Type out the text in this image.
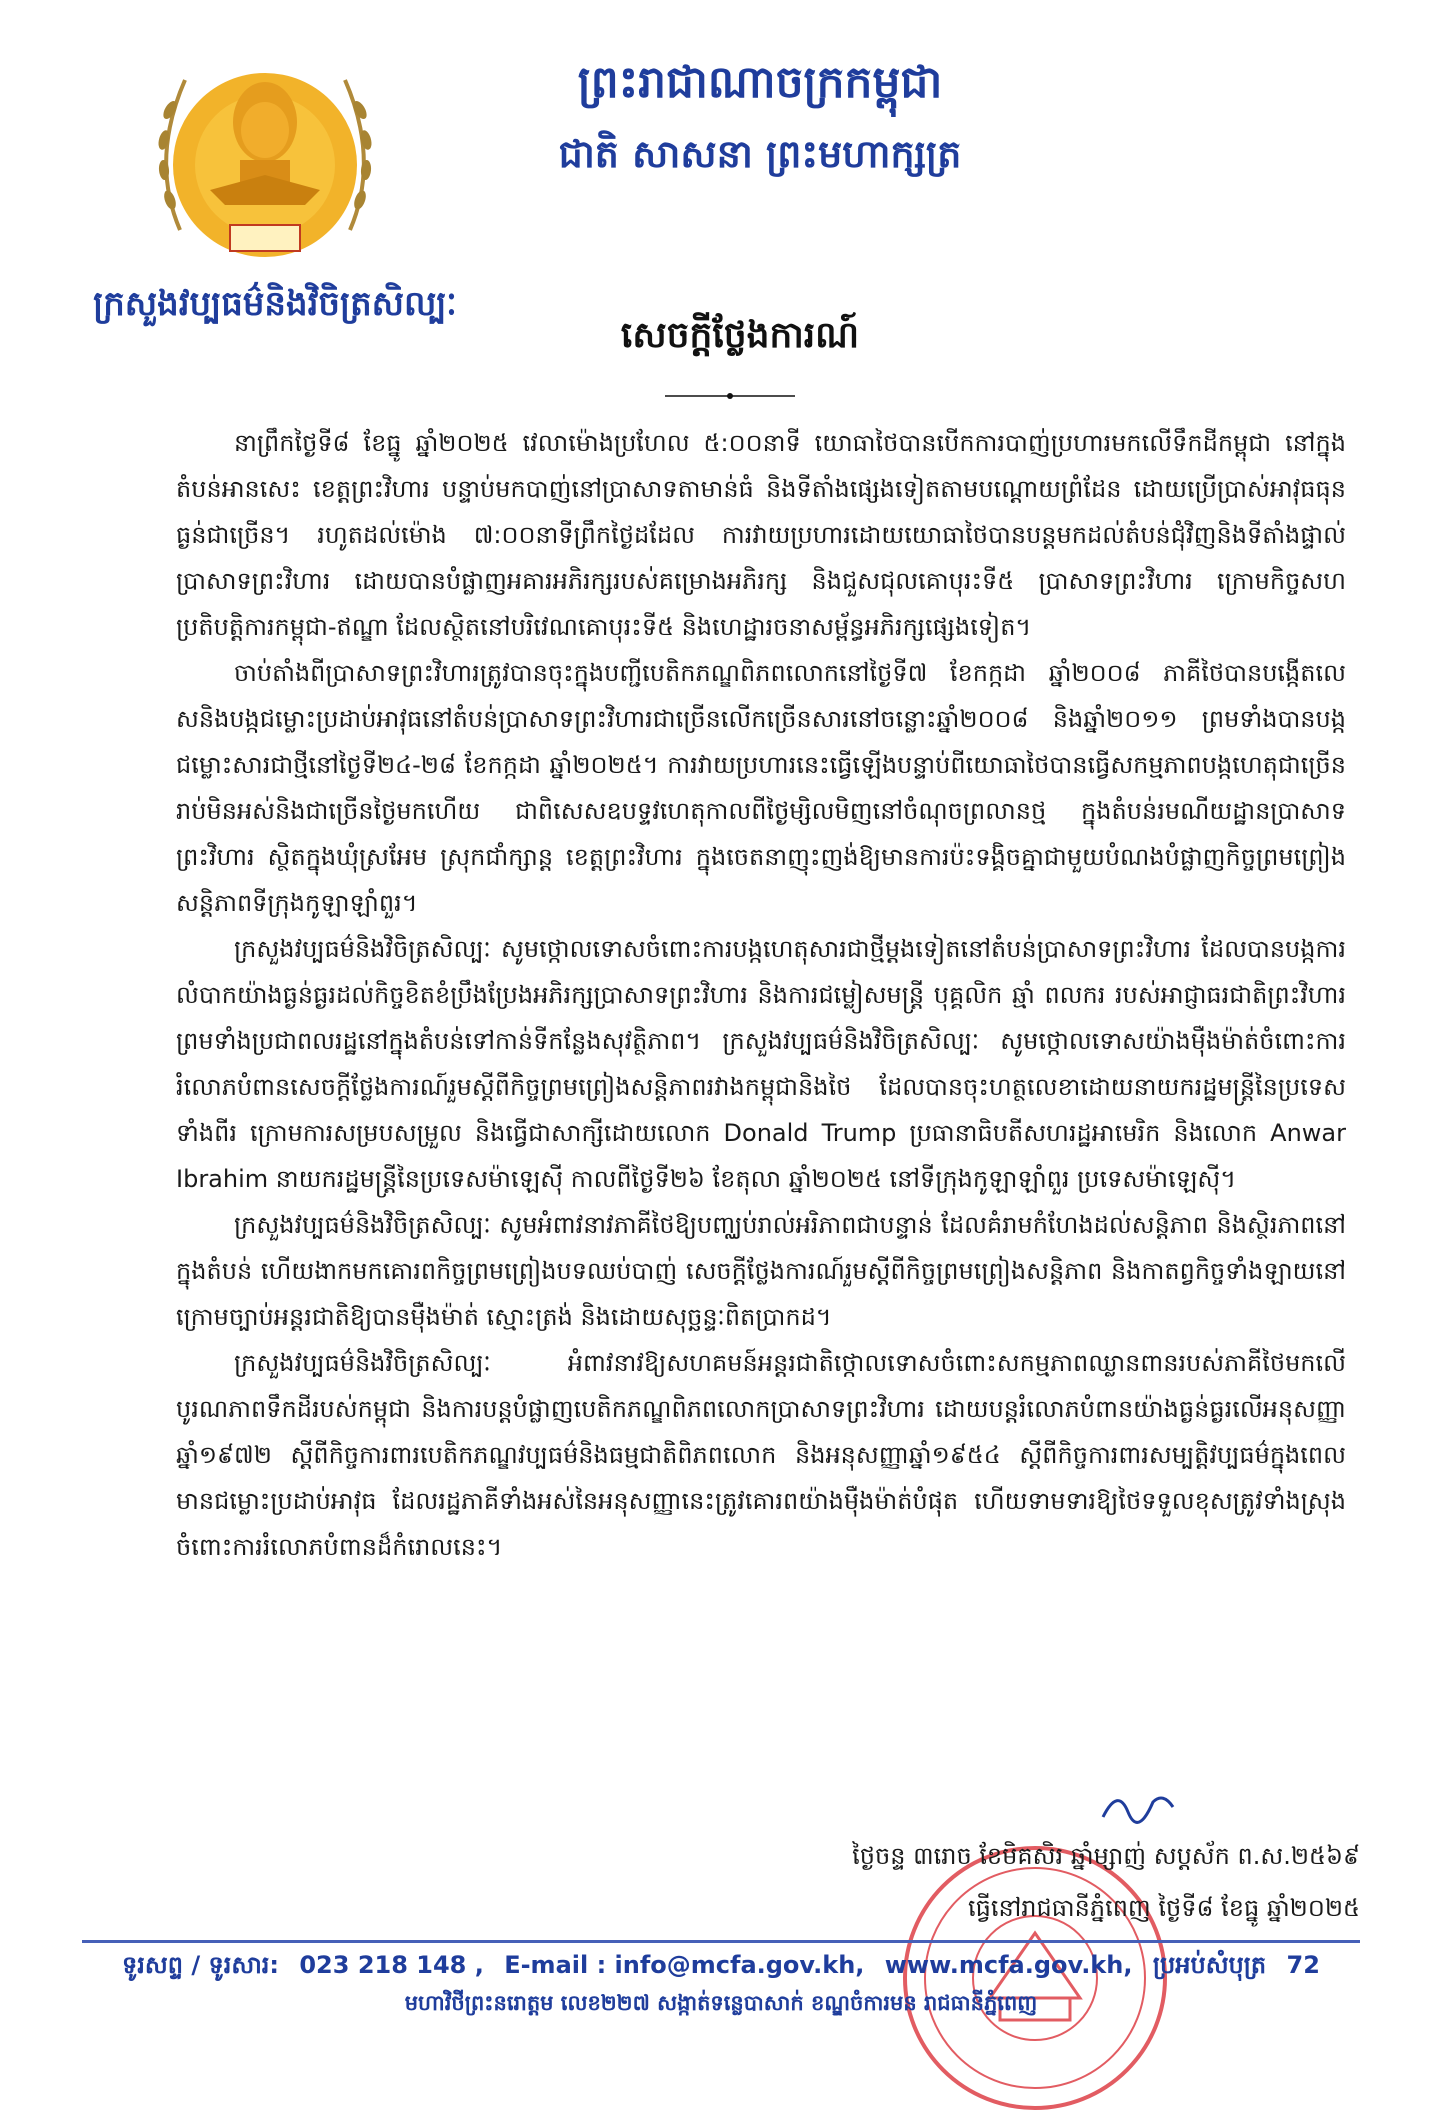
ក្រសួងវប្បធម៌និងវិចិត្រសិល្បៈ
ព្រះរាជាណាចក្រកម្ពុជា
ជាតិ សាសនា ព្រះមហាក្សត្រ
សេចក្តីថ្លែងការណ៍

នាព្រឹកថ្ងៃទី៨ ខែធ្នូ ឆ្នាំ២០២៥ វេលាម៉ោងប្រហែល ៥:០០នាទី យោធាថៃបានបើកការបាញ់ប្រហារមកលើទឹកដីកម្ពុជា នៅក្នុងតំបន់អានសេះ ខេត្តព្រះវិហារ បន្ទាប់មកបាញ់នៅប្រាសាទតាមាន់ធំ និងទីតាំងផ្សេងទៀតតាមបណ្តោយព្រំដែន ដោយប្រើប្រាស់អាវុធធុនធ្ងន់ជាច្រើន។ រហូតដល់ម៉ោង ៧:០០នាទីព្រឹកថ្ងៃដដែល ការវាយប្រហារដោយយោធាថៃបានបន្តមកដល់តំបន់ជុំវិញនិងទីតាំងផ្ទាល់ប្រាសាទព្រះវិហារ ដោយបានបំផ្លាញអគារអភិរក្សរបស់គម្រោងអភិរក្ស និងជួសជុលគោបុរះទី៥ ប្រាសាទព្រះវិហារ ក្រោមកិច្ចសហប្រតិបត្តិការកម្ពុជា-ឥណ្ឌា ដែលស្ថិតនៅបរិវេណគោបុរះទី៥ និងហេដ្ឋារចនាសម្ព័ន្ធអភិរក្សផ្សេងទៀត។

ចាប់តាំងពីប្រាសាទព្រះវិហារត្រូវបានចុះក្នុងបញ្ជីបេតិកភណ្ឌពិភពលោកនៅថ្ងៃទី៧ ខែកក្កដា ឆ្នាំ២០០៨ ភាគីថៃបានបង្កើតលេសនិងបង្កជម្លោះប្រដាប់អាវុធនៅតំបន់ប្រាសាទព្រះវិហារជាច្រើនលើកច្រើនសារនៅចន្លោះឆ្នាំ២០០៨ និងឆ្នាំ២០១១ ព្រមទាំងបានបង្កជម្លោះសារជាថ្មីនៅថ្ងៃទី២៤-២៨ ខែកក្កដា ឆ្នាំ២០២៥។ ការវាយប្រហារនេះធ្វើឡើងបន្ទាប់ពីយោធាថៃបានធ្វើសកម្មភាពបង្កហេតុជាច្រើនរាប់មិនអស់និងជាច្រើនថ្ងៃមកហើយ ជាពិសេសឧបទ្ទវហេតុកាលពីថ្ងៃម្សិលមិញនៅចំណុចព្រលានថ្ម ក្នុងតំបន់រមណីយដ្ឋានប្រាសាទព្រះវិហារ ស្ថិតក្នុងឃុំស្រអែម ស្រុកជាំក្សាន្ត ខេត្តព្រះវិហារ ក្នុងចេតនាញុះញង់ឱ្យមានការប៉ះទង្គិចគ្នាជាមួយបំណងបំផ្លាញកិច្ចព្រមព្រៀងសន្តិភាពទីក្រុងកូឡាឡាំពួរ។

ក្រសួងវប្បធម៌និងវិចិត្រសិល្បៈ សូមថ្កោលទោសចំពោះការបង្កហេតុសារជាថ្មីម្តងទៀតនៅតំបន់ប្រាសាទព្រះវិហារ ដែលបានបង្កការលំបាកយ៉ាងធ្ងន់ធ្ងរដល់កិច្ចខិតខំប្រឹងប្រែងអភិរក្សប្រាសាទព្រះវិហារ និងការជម្លៀសមន្ត្រី បុគ្គលិក ឆ្មាំ ពលករ របស់អាជ្ញាធរជាតិព្រះវិហារ ព្រមទាំងប្រជាពលរដ្ឋនៅក្នុងតំបន់ទៅកាន់ទីកន្លែងសុវត្ថិភាព។ ក្រសួងវប្បធម៌និងវិចិត្រសិល្បៈ សូមថ្កោលទោសយ៉ាងម៉ឺងម៉ាត់ចំពោះការរំលោភបំពានសេចក្តីថ្លែងការណ៍រួមស្តីពីកិច្ចព្រមព្រៀងសន្តិភាពរវាងកម្ពុជានិងថៃ ដែលបានចុះហត្ថលេខាដោយនាយករដ្ឋមន្ត្រីនៃប្រទេសទាំងពីរ ក្រោមការសម្របសម្រួល និងធ្វើជាសាក្សីដោយលោក Donald Trump ប្រធានាធិបតីសហរដ្ឋអាមេរិក និងលោក Anwar Ibrahim នាយករដ្ឋមន្ត្រីនៃប្រទេសម៉ាឡេស៊ី កាលពីថ្ងៃទី២៦ ខែតុលា ឆ្នាំ២០២៥ នៅទីក្រុងកូឡាឡាំពួរ ប្រទេសម៉ាឡេស៊ី។

ក្រសួងវប្បធម៌និងវិចិត្រសិល្បៈ សូមអំពាវនាវភាគីថៃឱ្យបញ្ឈប់រាល់អរិភាពជាបន្ទាន់ ដែលគំរាមកំហែងដល់សន្តិភាព និងស្ថិរភាពនៅក្នុងតំបន់ ហើយងាកមកគោរពកិច្ចព្រមព្រៀងបទឈប់បាញ់ សេចក្តីថ្លែងការណ៍រួមស្តីពីកិច្ចព្រមព្រៀងសន្តិភាព និងកាតព្វកិច្ចទាំងឡាយនៅក្រោមច្បាប់អន្តរជាតិឱ្យបានម៉ឺងម៉ាត់ ស្មោះត្រង់ និងដោយសុច្ឆន្ទៈពិតប្រាកដ។

ក្រសួងវប្បធម៌និងវិចិត្រសិល្បៈ អំពាវនាវឱ្យសហគមន៍អន្តរជាតិថ្កោលទោសចំពោះសកម្មភាពឈ្លានពានរបស់ភាគីថៃមកលើបូរណភាពទឹកដីរបស់កម្ពុជា និងការបន្តបំផ្លាញបេតិកភណ្ឌពិភពលោកប្រាសាទព្រះវិហារ ដោយបន្តរំលោភបំពានយ៉ាងធ្ងន់ធ្ងរលើអនុសញ្ញាឆ្នាំ១៩៧២ ស្តីពីកិច្ចការពារបេតិកភណ្ឌវប្បធម៌និងធម្មជាតិពិភពលោក និងអនុសញ្ញាឆ្នាំ១៩៥៤ ស្តីពីកិច្ចការពារសម្បត្តិវប្បធម៌ក្នុងពេលមានជម្លោះប្រដាប់អាវុធ ដែលរដ្ឋភាគីទាំងអស់នៃអនុសញ្ញានេះត្រូវគោរពយ៉ាងម៉ឺងម៉ាត់បំផុត ហើយទាមទារឱ្យថៃទទួលខុសត្រូវទាំងស្រុងចំពោះការរំលោភបំពានដ៏កំរោលនេះ។

ថ្ងៃចន្ទ ៣រោច ខែមិគសិរ ឆ្នាំម្សាញ់ សប្តស័ក ព.ស.២៥៦៩
ធ្វើនៅរាជធានីភ្នំពេញ ថ្ងៃទី៨ ខែធ្នូ ឆ្នាំ២០២៥
ទូរសព្ទ / ទូរសារ: 023 218 148 , E-mail : info@mcfa.gov.kh, www.mcfa.gov.kh, ប្រអប់សំបុត្រ 72
មហាវិថីព្រះនរោត្តម លេខ២២៧ សង្កាត់ទន្លេបាសាក់ ខណ្ឌចំការមន រាជធានីភ្នំពេញ
